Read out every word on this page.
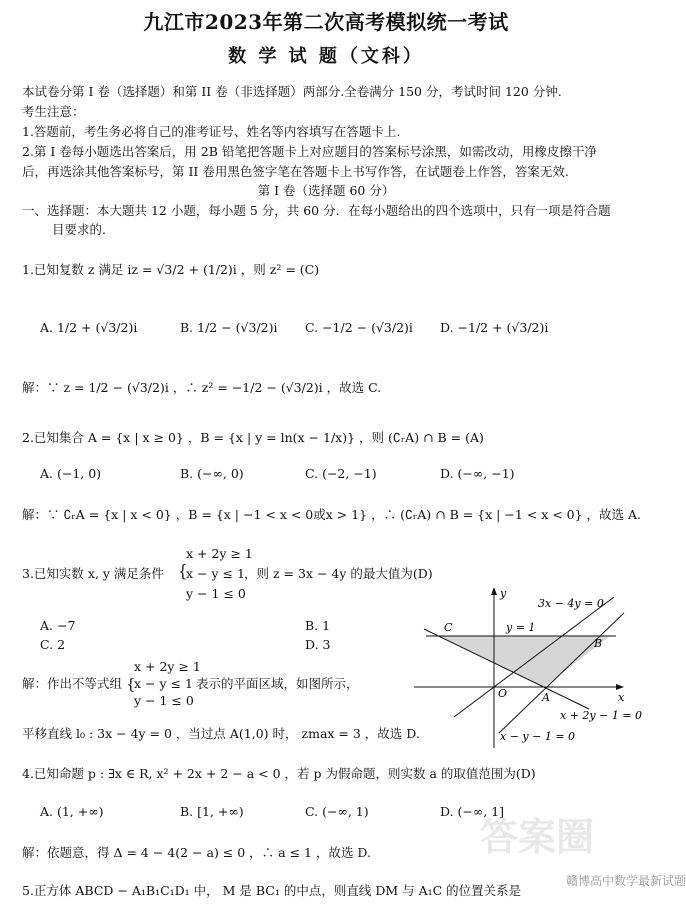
九江市2023年第二次高考模拟统一考试
数 学 试 题（文科）
本试卷分第 I 卷（选择题）和第 II 卷（非选择题）两部分.全卷满分 150 分，考试时间 120 分钟.
考生注意：
1.答题前，考生务必将自己的准考证号、姓名等内容填写在答题卡上.
2.第 I 卷每小题选出答案后，用 2B 铅笔把答题卡上对应题目的答案标号涂黑，如需改动，用橡皮擦干净
后，再选涂其他答案标号，第 II 卷用黑色签字笔在答题卡上书写作答，在试题卷上作答，答案无效.
第 I 卷（选择题 60 分）
一、选择题：本大题共 12 小题，每小题 5 分，共 60 分．在每小题给出的四个选项中，只有一项是符合题
目要求的.
1.已知复数 z 满足 iz = √3/2 + (1/2)i ，则 z² = (C)
A. 1/2 + (√3/2)i	B. 1/2 − (√3/2)i C. −1/2 − (√3/2)i D. −1/2 + (√3/2)i
解：∵ z = 1/2 − (√3/2)i ，∴ z² = −1/2 − (√3/2)i ，故选 C.
2.已知集合 A = {x | x ≥ 0} ，B = {x | y = ln(x − 1/x)} ，则 (∁ᵣA) ∩ B = (A)
A. (−1, 0)	B. (−∞, 0)	C. (−2, −1)	D. (−∞, −1)
解：∵ ∁ᵣA = {x | x < 0} ，B = {x | −1 < x < 0或x > 1} ，∴ (∁ᵣA) ∩ B = {x | −1 < x < 0} ，故选 A.
3.已知实数 x, y 满足条件 {
x + 2y ≥ 1
x − y ≤ 1
y − 1 ≤ 0
，则 z = 3x − 4y 的最大值为(D)
A. −7	B. 1
C. 2	D. 3
解：作出不等式组 {
x + 2y ≥ 1
x − y ≤ 1
y − 1 ≤ 0
表示的平面区域，如图所示，
平移直线 l₀ : 3x − 4y = 0 ，当过点 A(1,0) 时， zmax = 3 ，故选 D.
3x − 4y = 0
y = 1
C
B
A
O	x
y
x + 2y − 1 = 0
x − y − 1 = 0
4.已知命题 p : ∃x ∈ R, x² + 2x + 2 − a < 0 ，若 p 为假命题，则实数 a 的取值范围为(D)
A. (1, +∞)	B. [1, +∞)	C. (−∞, 1)	D. (−∞, 1]
解：依题意，得 Δ = 4 − 4(2 − a) ≤ 0 ，∴ a ≤ 1 ，故选 D.
5.正方体 ABCD − A₁B₁C₁D₁ 中， M 是 BC₁ 的中点，则直线 DM 与 A₁C 的位置关系是
答案圈
赣博高中数学最新试题
